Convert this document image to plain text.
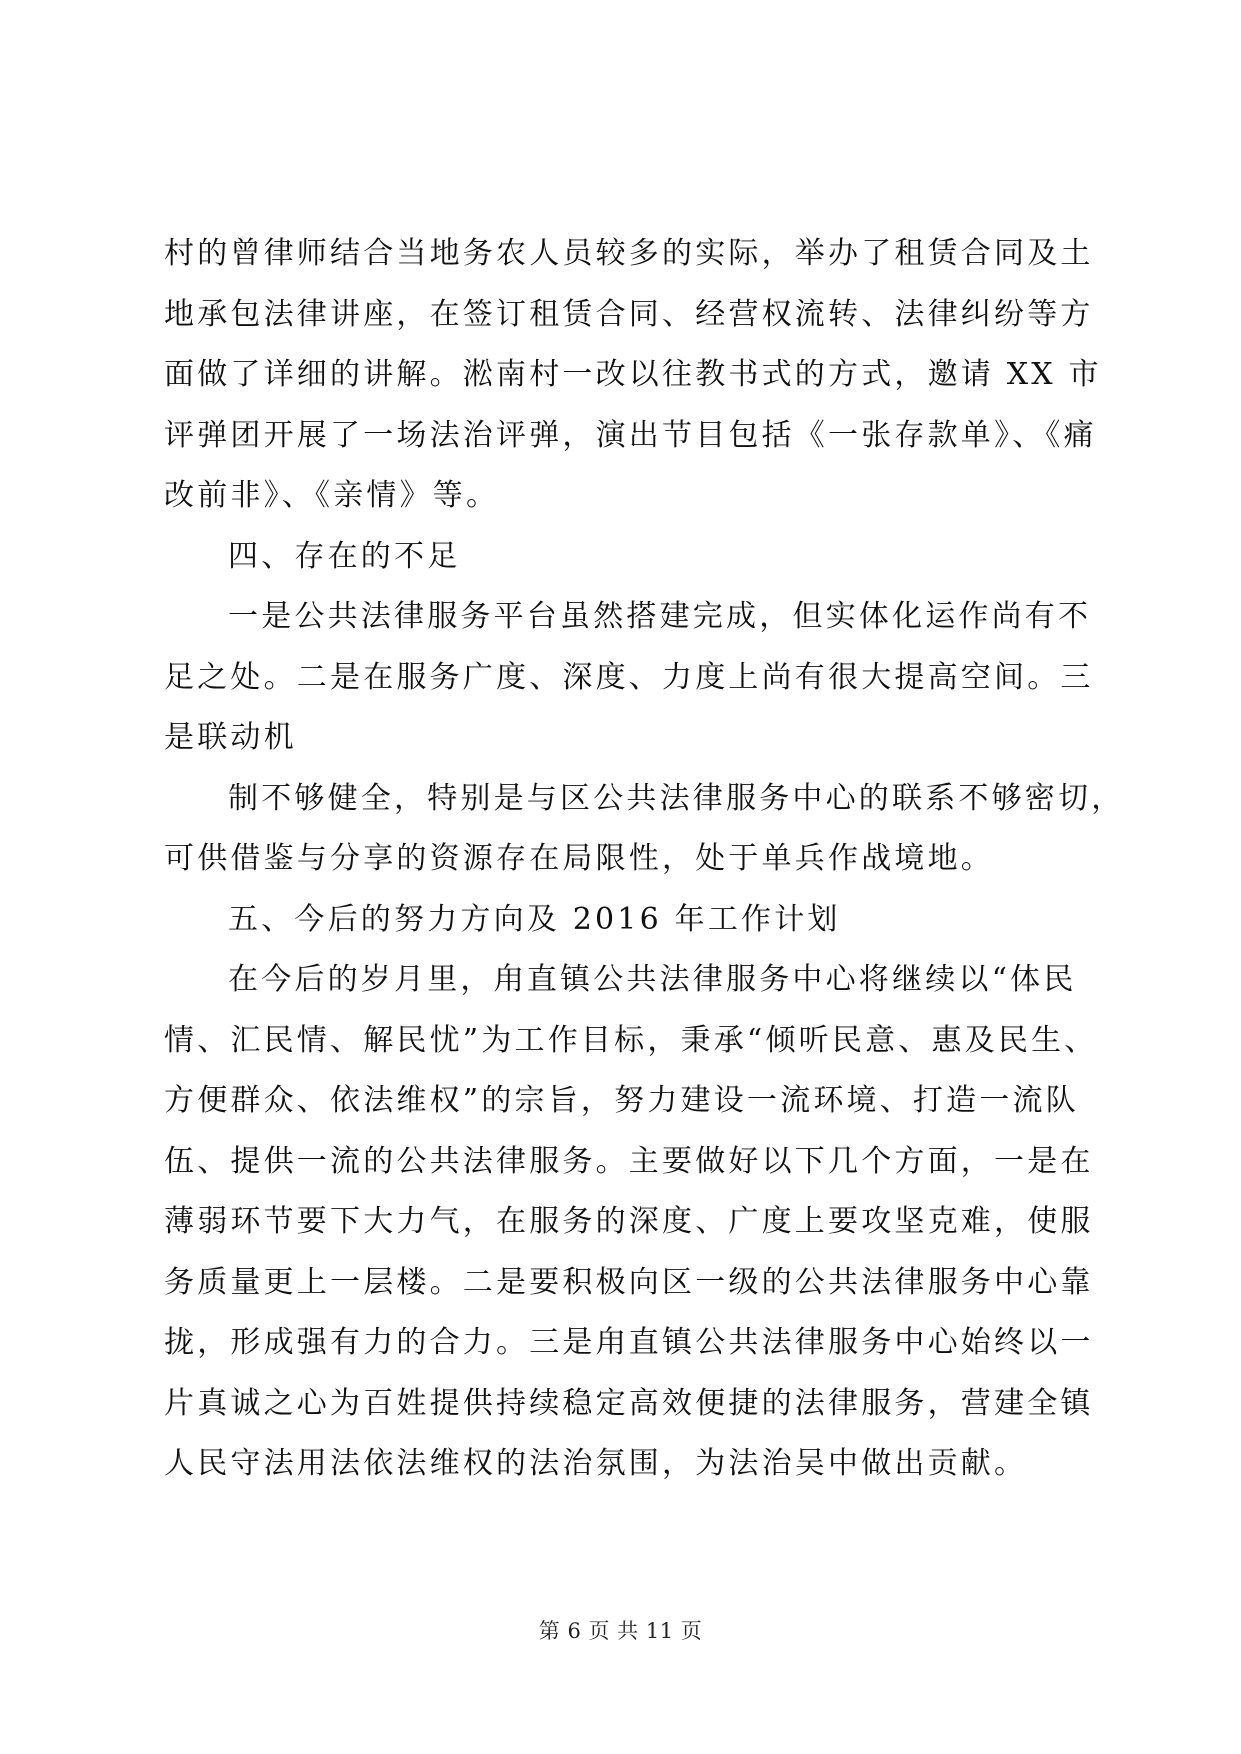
村的曾律师结合当地务农人员较多的实际，举办了租赁合同及土
地承包法律讲座，在签订租赁合同、经营权流转、法律纠纷等方
面做了详细的讲解。淞南村一改以往教书式的方式，邀请 XX 市
评弹团开展了一场法治评弹，演出节目包括《一张存款单》、《痛
改前非》、《亲情》等。
四、存在的不足
一是公共法律服务平台虽然搭建完成，但实体化运作尚有不
足之处。二是在服务广度、深度、力度上尚有很大提高空间。三
是联动机
制不够健全，特别是与区公共法律服务中心的联系不够密切，
可供借鉴与分享的资源存在局限性，处于单兵作战境地。
五、今后的努力方向及 2016 年工作计划
在今后的岁月里，甪直镇公共法律服务中心将继续以“体民
情、汇民情、解民忧”为工作目标，秉承“倾听民意、惠及民生、
方便群众、依法维权”的宗旨，努力建设一流环境、打造一流队
伍、提供一流的公共法律服务。主要做好以下几个方面，一是在
薄弱环节要下大力气，在服务的深度、广度上要攻坚克难，使服
务质量更上一层楼。二是要积极向区一级的公共法律服务中心靠
拢，形成强有力的合力。三是甪直镇公共法律服务中心始终以一
片真诚之心为百姓提供持续稳定高效便捷的法律服务，营建全镇
人民守法用法依法维权的法治氛围，为法治吴中做出贡献。
第 6 页 共 11 页
